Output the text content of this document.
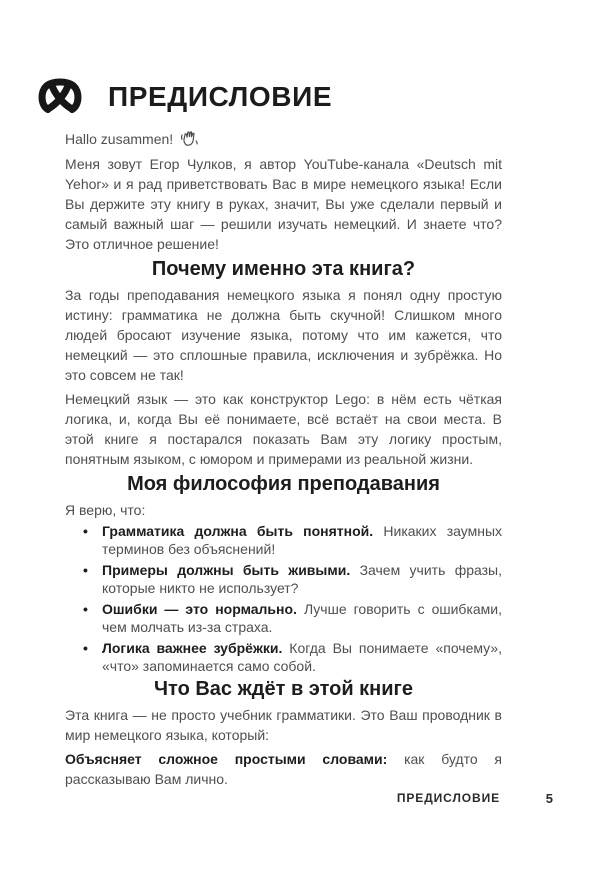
ПРЕДИСЛОВИЕ

Hallo zusammen!

Меня зовут Егор Чулков, я автор YouTube-канала «Deutsch mit Yehor» и я рад приветствовать Вас в мире немецкого языка! Если Вы держите эту книгу в руках, значит, Вы уже сделали первый и самый важный шаг — решили изучать немецкий. И знаете что? Это отличное решение!

Почему именно эта книга?

За годы преподавания немецкого языка я понял одну простую истину: грамматика не должна быть скучной! Слишком много людей бросают изучение языка, потому что им кажется, что немецкий — это сплошные правила, исключения и зубрёжка. Но это совсем не так!

Немецкий язык — это как конструктор Lego: в нём есть чёткая логика, и, когда Вы её понимаете, всё встаёт на свои места. В этой книге я постарался показать Вам эту логику простым, понятным языком, с юмором и примерами из реальной жизни.

Моя философия преподавания

Я верю, что:

• Грамматика должна быть понятной. Никаких заумных терминов без объяснений!
• Примеры должны быть живыми. Зачем учить фразы, которые никто не использует?
• Ошибки — это нормально. Лучше говорить с ошибками, чем молчать из-за страха.
• Логика важнее зубрёжки. Когда Вы понимаете «почему», «что» запоминается само собой.
Что Вас ждёт в этой книге

Эта книга — не просто учебник грамматики. Это Ваш проводник в мир немецкого языка, который:

Объясняет сложное простыми словами: как будто я рассказываю Вам лично.

ПРЕДИСЛОВИЕ	5
